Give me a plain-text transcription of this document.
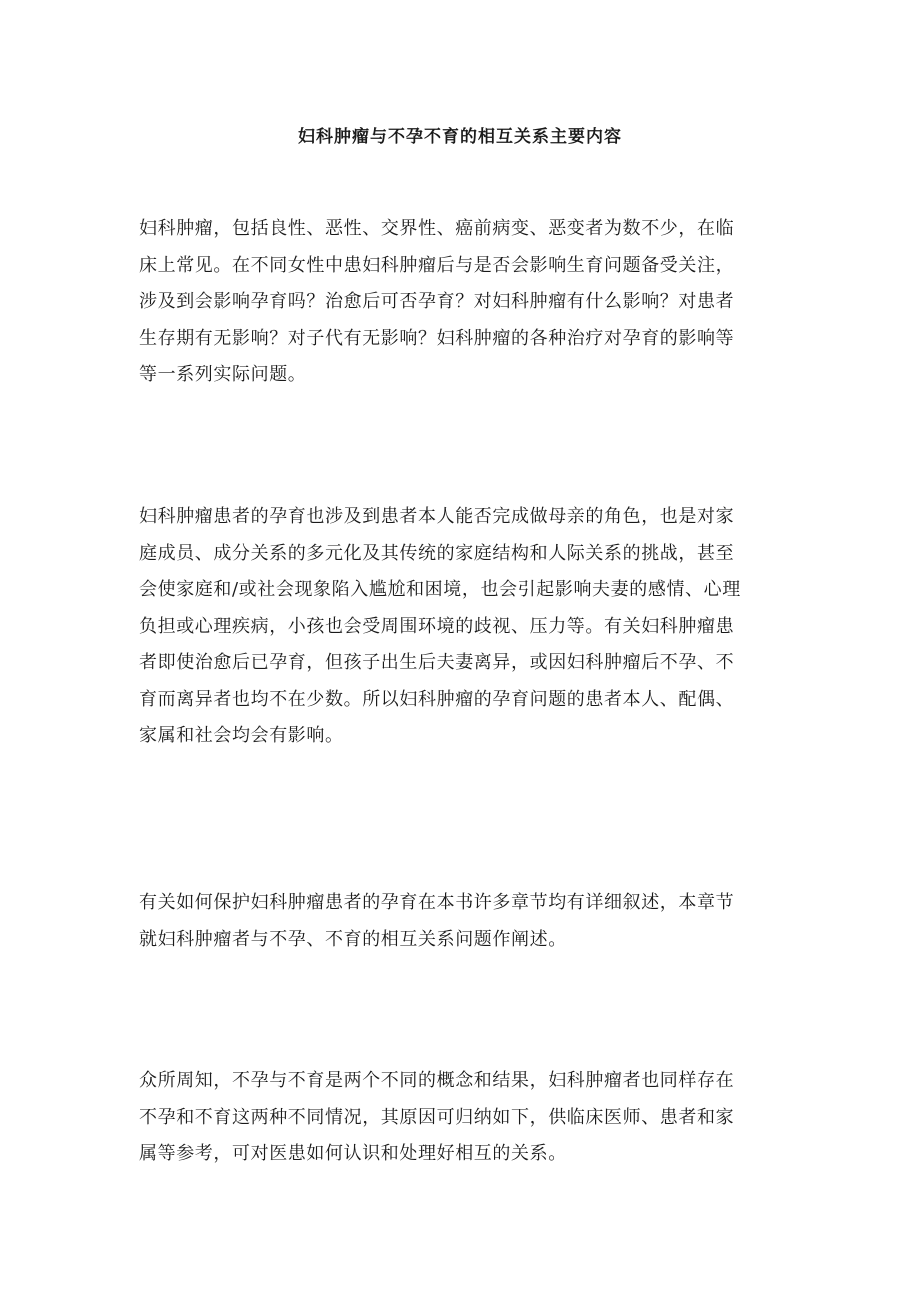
妇科肿瘤与不孕不育的相互关系主要内容

妇科肿瘤，包括良性、恶性、交界性、癌前病变、恶变者为数不少，在临
床上常见。在不同女性中患妇科肿瘤后与是否会影响生育问题备受关注，
涉及到会影响孕育吗？治愈后可否孕育？对妇科肿瘤有什么影响？对患者
生存期有无影响？对子代有无影响？妇科肿瘤的各种治疗对孕育的影响等
等一系列实际问题。

妇科肿瘤患者的孕育也涉及到患者本人能否完成做母亲的角色，也是对家
庭成员、成分关系的多元化及其传统的家庭结构和人际关系的挑战，甚至
会使家庭和/或社会现象陷入尴尬和困境，也会引起影响夫妻的感情、心理
负担或心理疾病，小孩也会受周围环境的歧视、压力等。有关妇科肿瘤患
者即使治愈后已孕育，但孩子出生后夫妻离异，或因妇科肿瘤后不孕、不
育而离异者也均不在少数。所以妇科肿瘤的孕育问题的患者本人、配偶、
家属和社会均会有影响。

有关如何保护妇科肿瘤患者的孕育在本书许多章节均有详细叙述，本章节
就妇科肿瘤者与不孕、不育的相互关系问题作阐述。

众所周知，不孕与不育是两个不同的概念和结果，妇科肿瘤者也同样存在
不孕和不育这两种不同情况，其原因可归纳如下，供临床医师、患者和家
属等参考，可对医患如何认识和处理好相互的关系。
